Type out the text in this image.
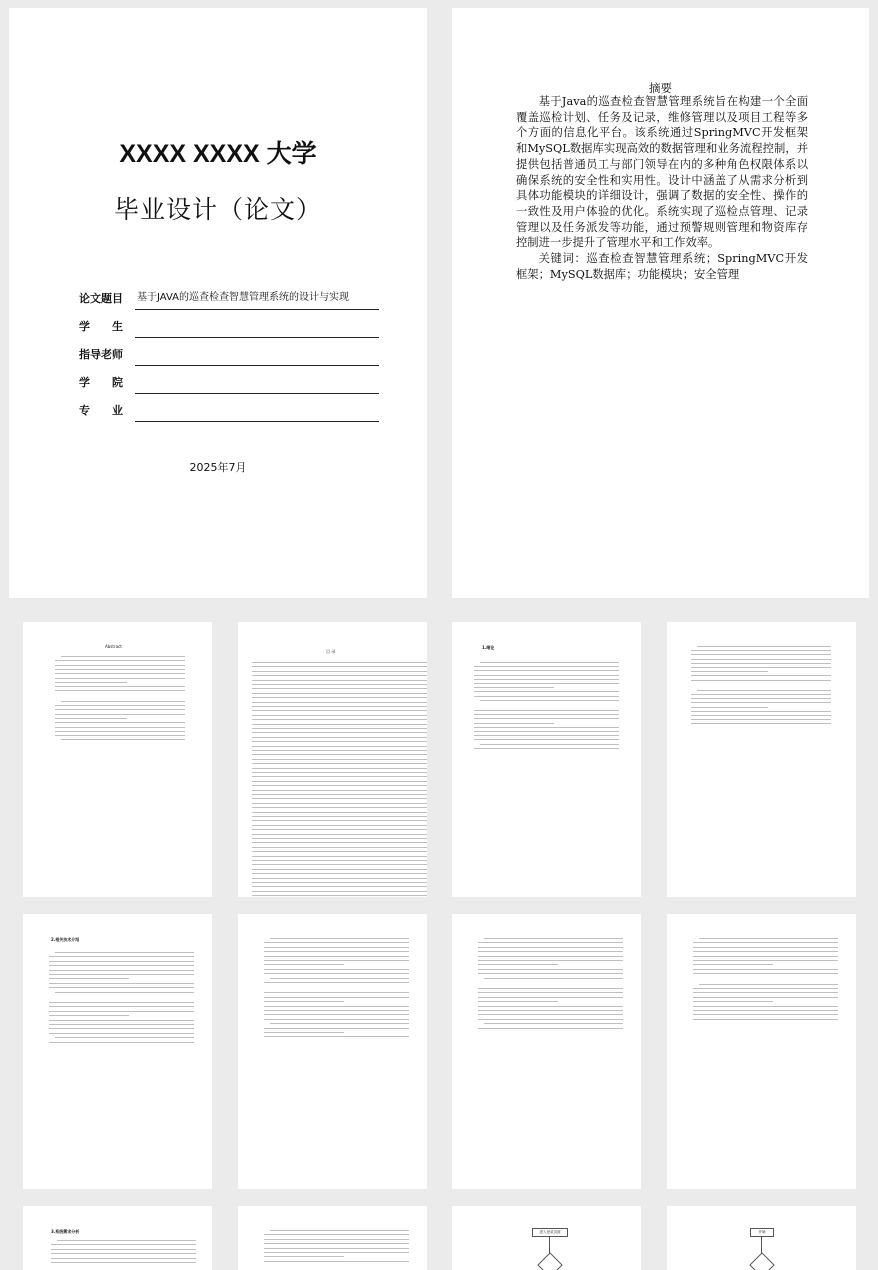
XXXX XXXX 大学
毕业设计（论文）
论文题目	基于JAVA的巡查检查智慧管理系统的设计与实现
学生
指导老师
学院
专业
2025年7月
摘要

基于Java的巡查检查智慧管理系统旨在构建一个全面覆盖巡检计划、任务及记录，维修管理以及项目工程等多个方面的信息化平台。该系统通过SpringMVC开发框架和MySQL数据库实现高效的数据管理和业务流程控制，并提供包括普通员工与部门领导在内的多种角色权限体系以确保系统的安全性和实用性。设计中涵盖了从需求分析到具体功能模块的详细设计，强调了数据的安全性、操作的一致性及用户体验的优化。系统实现了巡检点管理、记录管理以及任务派发等功能，通过预警规则管理和物资库存控制进一步提升了管理水平和工作效率。

关键词：巡查检查智慧管理系统；SpringMVC开发框架；MySQL数据库；功能模块；安全管理

Abstract
目 录
1.绪论
2.相关技术介绍
3.系统需求分析	进入登录页面	开始
